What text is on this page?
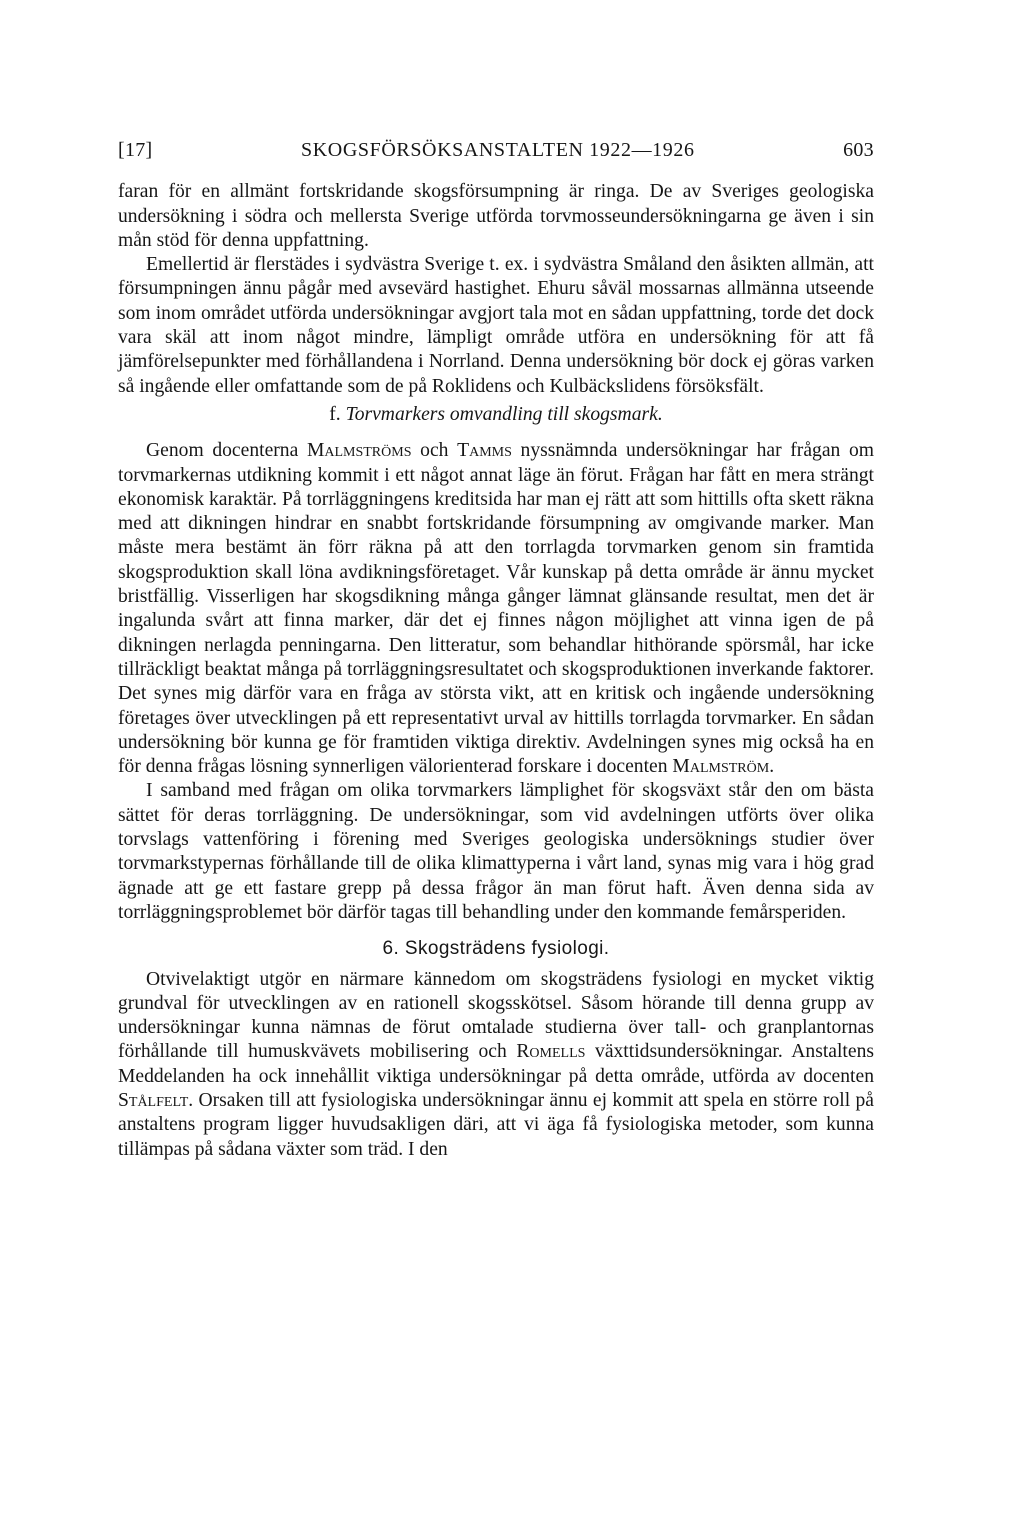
[17]	SKOGSFÖRSÖKSANSTALTEN 1922—1926	603

faran för en allmänt fortskridande skogsförsumpning är ringa. De av Sveriges geologiska undersökning i södra och mellersta Sverige utförda torvmosseundersökningarna ge även i sin mån stöd för denna uppfattning.

Emellertid är flerstädes i sydvästra Sverige t. ex. i sydvästra Småland den åsikten allmän, att försumpningen ännu pågår med avsevärd hastighet. Ehuru såväl mossarnas allmänna utseende som inom området utförda undersökningar avgjort tala mot en sådan uppfattning, torde det dock vara skäl att inom något mindre, lämpligt område utföra en undersökning för att få jämförelsepunkter med förhållandena i Norrland. Denna undersökning bör dock ej göras varken så ingående eller omfattande som de på Roklidens och Kulbäckslidens försöksfält.

f. Torvmarkers omvandling till skogsmark.

Genom docenterna Malmströms och Tamms nyssnämnda undersökningar har frågan om torvmarkernas utdikning kommit i ett något annat läge än förut. Frågan har fått en mera strängt ekonomisk karaktär. På torrläggningens kreditsida har man ej rätt att som hittills ofta skett räkna med att dikningen hindrar en snabbt fortskridande försumpning av omgivande marker. Man måste mera bestämt än förr räkna på att den torrlagda torvmarken genom sin framtida skogsproduktion skall löna avdikningsföretaget. Vår kunskap på detta område är ännu mycket bristfällig. Visserligen har skogsdikning många gånger lämnat glänsande resultat, men det är ingalunda svårt att finna marker, där det ej finnes någon möjlighet att vinna igen de på dikningen nerlagda penningarna. Den litteratur, som behandlar hithörande spörsmål, har icke tillräckligt beaktat många på torrläggningsresultatet och skogsproduktionen inverkande faktorer. Det synes mig därför vara en fråga av största vikt, att en kritisk och ingående undersökning företages över utvecklingen på ett representativt urval av hittills torrlagda torvmarker. En sådan undersökning bör kunna ge för framtiden viktiga direktiv. Avdelningen synes mig också ha en för denna frågas lösning synnerligen välorienterad forskare i docenten Malmström.

I samband med frågan om olika torvmarkers lämplighet för skogsväxt står den om bästa sättet för deras torrläggning. De undersökningar, som vid avdelningen utförts över olika torvslags vattenföring i förening med Sveriges geologiska undersöknings studier över torvmarkstypernas förhållande till de olika klimattyperna i vårt land, synas mig vara i hög grad ägnade att ge ett fastare grepp på dessa frågor än man förut haft. Även denna sida av torrläggningsproblemet bör därför tagas till behandling under den kommande femårsperiden.

6. Skogsträdens fysiologi.

Otvivelaktigt utgör en närmare kännedom om skogsträdens fysiologi en mycket viktig grundval för utvecklingen av en rationell skogsskötsel. Såsom hörande till denna grupp av undersökningar kunna nämnas de förut omtalade studierna över tall- och granplantornas förhållande till humuskvävets mobilisering och Romells växttidsundersökningar. Anstaltens Meddelanden ha ock innehållit viktiga undersökningar på detta område, utförda av docenten Stålfelt. Orsaken till att fysiologiska undersökningar ännu ej kommit att spela en större roll på anstaltens program ligger huvudsakligen däri, att vi äga få fysiologiska metoder, som kunna tillämpas på sådana växter som träd. I den
